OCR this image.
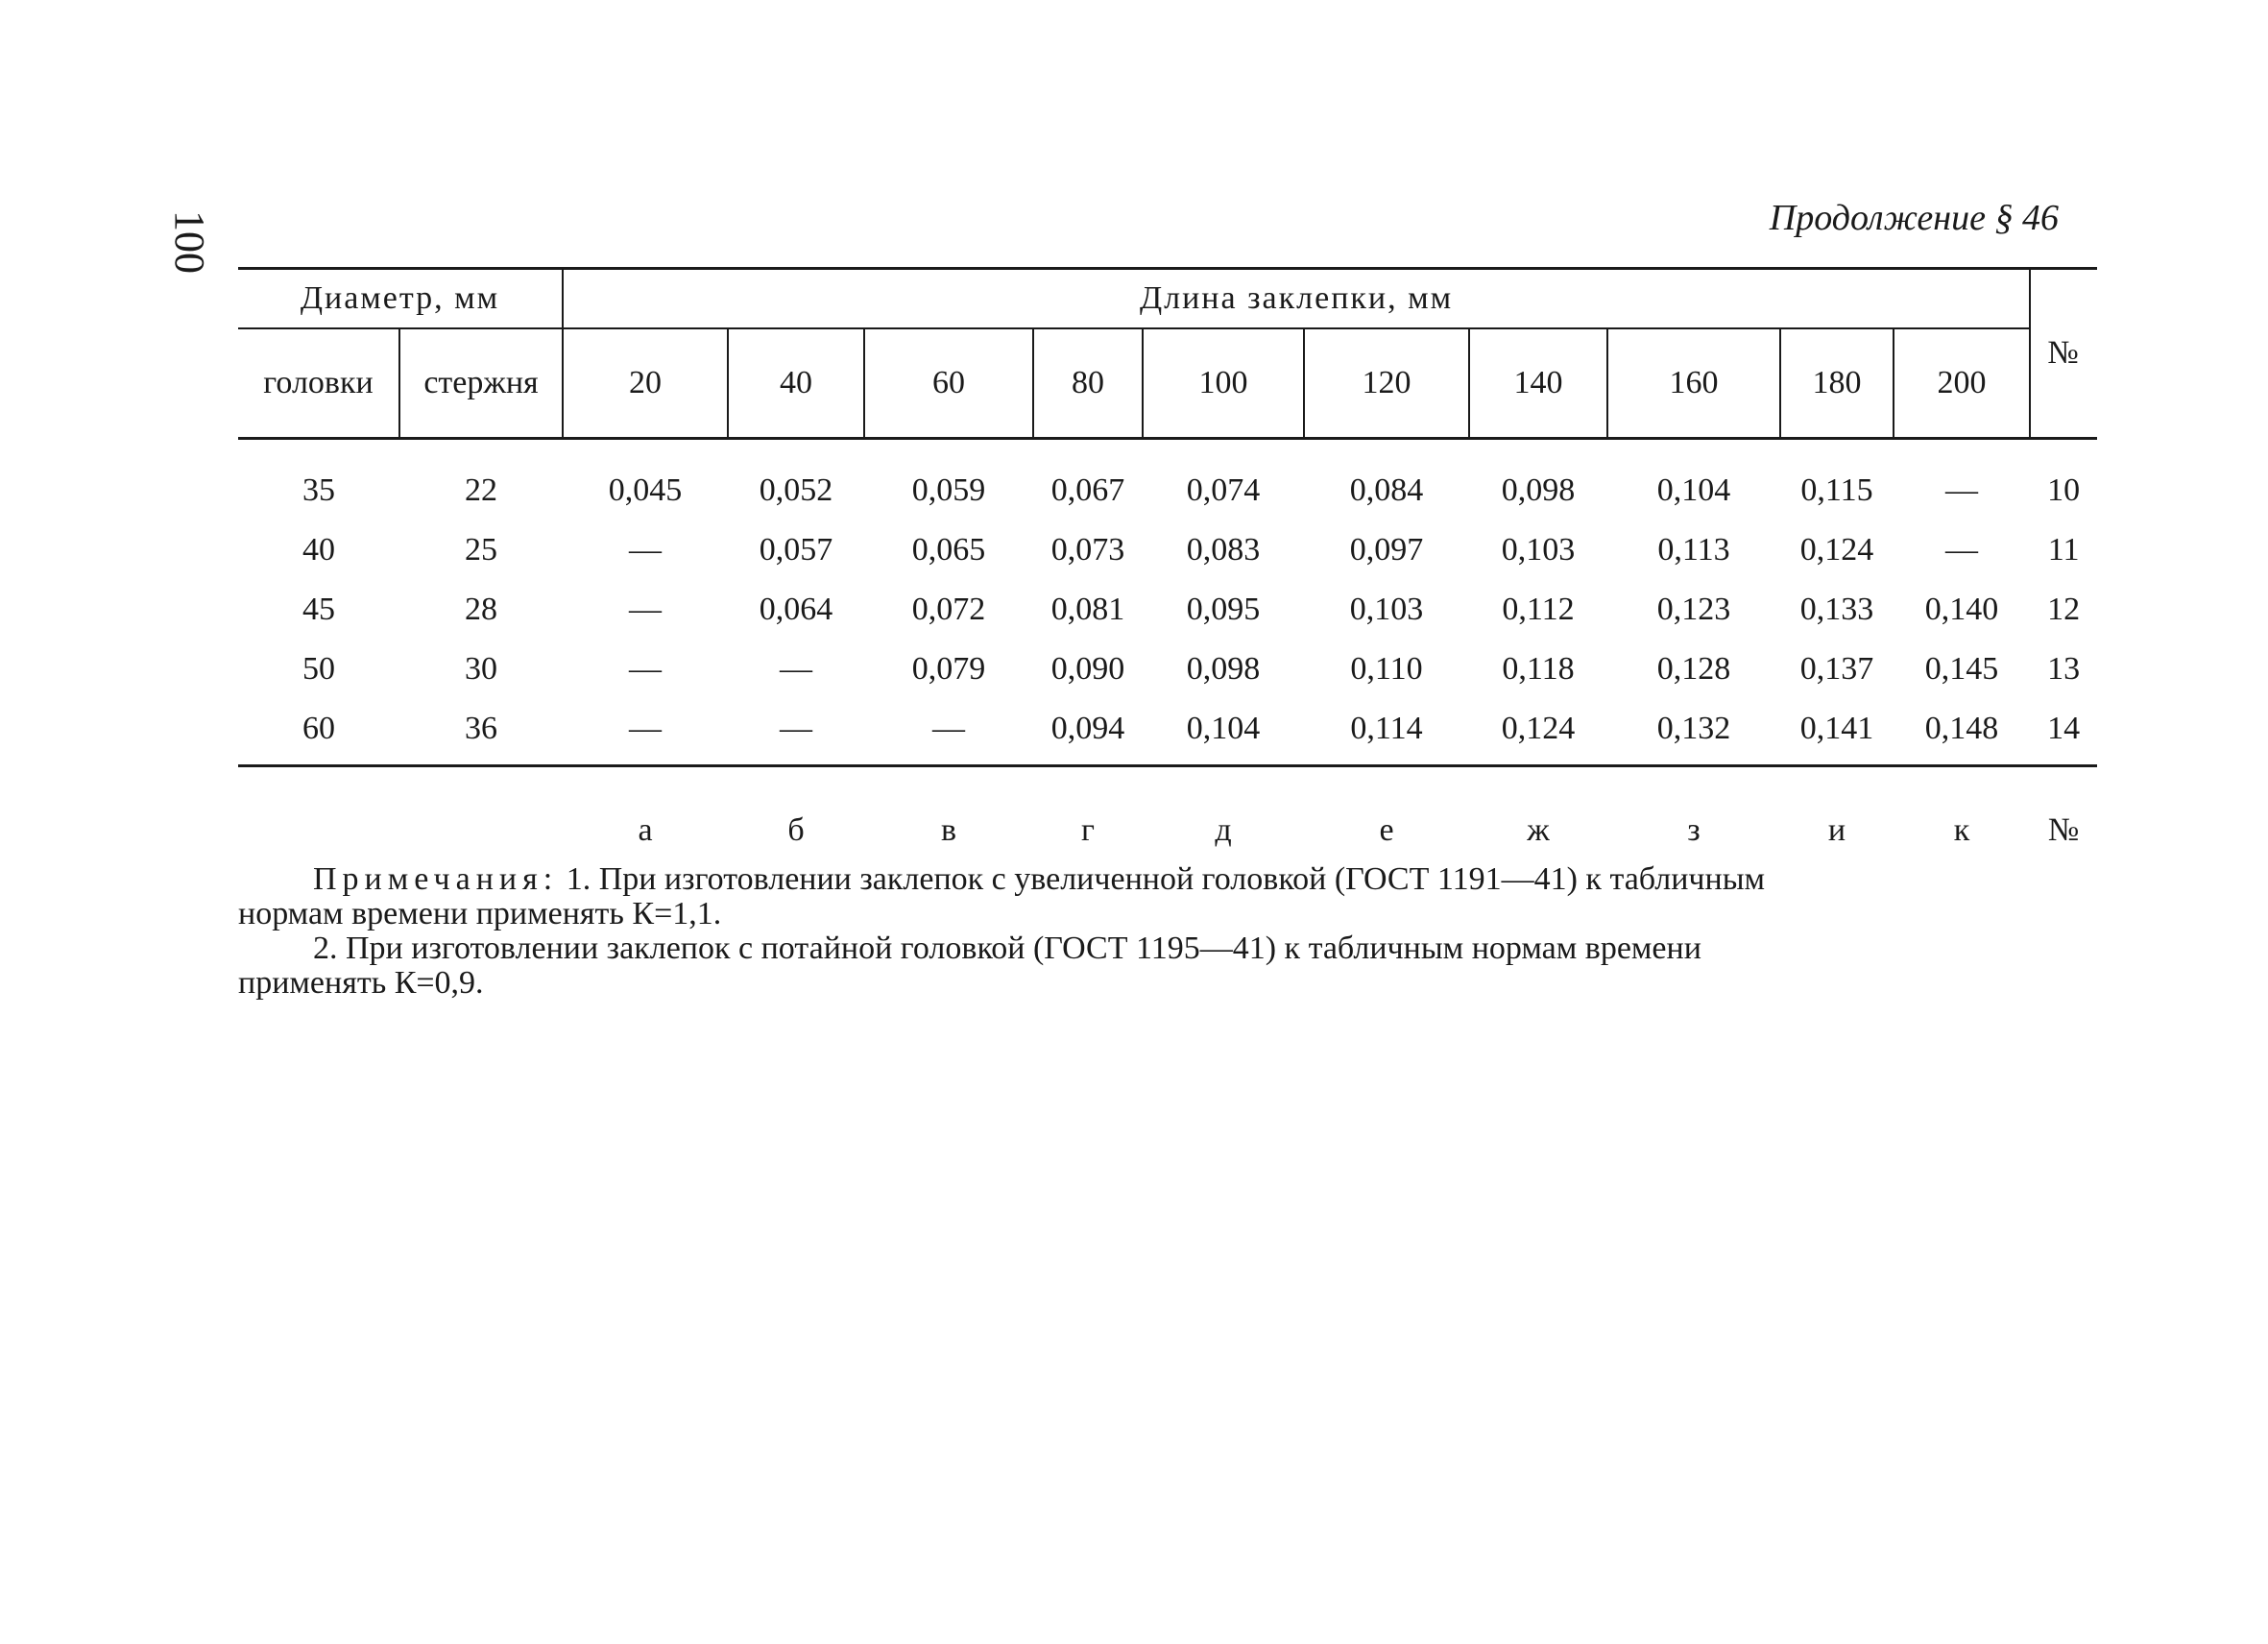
100	Продолжение § 46
Диаметр, мм		Длина заклепки, мм										№
головки	стержня	20	40	60	80	100	120	140	160	180	200	
35	22	0,045	0,052	0,059	0,067	0,074	0,084	0,098	0,104	0,115	—	10
40	25	—	0,057	0,065	0,073	0,083	0,097	0,103	0,113	0,124	—	11
45	28	—	0,064	0,072	0,081	0,095	0,103	0,112	0,123	0,133	0,140	12
50	30	—	—	0,079	0,090	0,098	0,110	0,118	0,128	0,137	0,145	13
60	36	—	—	—	0,094	0,104	0,114	0,124	0,132	0,141	0,148	14
		а	б	в	г	д	е	ж	з	и	к	№

Примечания: 1. При изготовлении заклепок с увеличенной головкой (ГОСТ 1191—41) к табличным

нормам времени применять К=1,1.

2. При изготовлении заклепок с потайной головкой (ГОСТ 1195—41) к табличным нормам времени

применять К=0,9.
